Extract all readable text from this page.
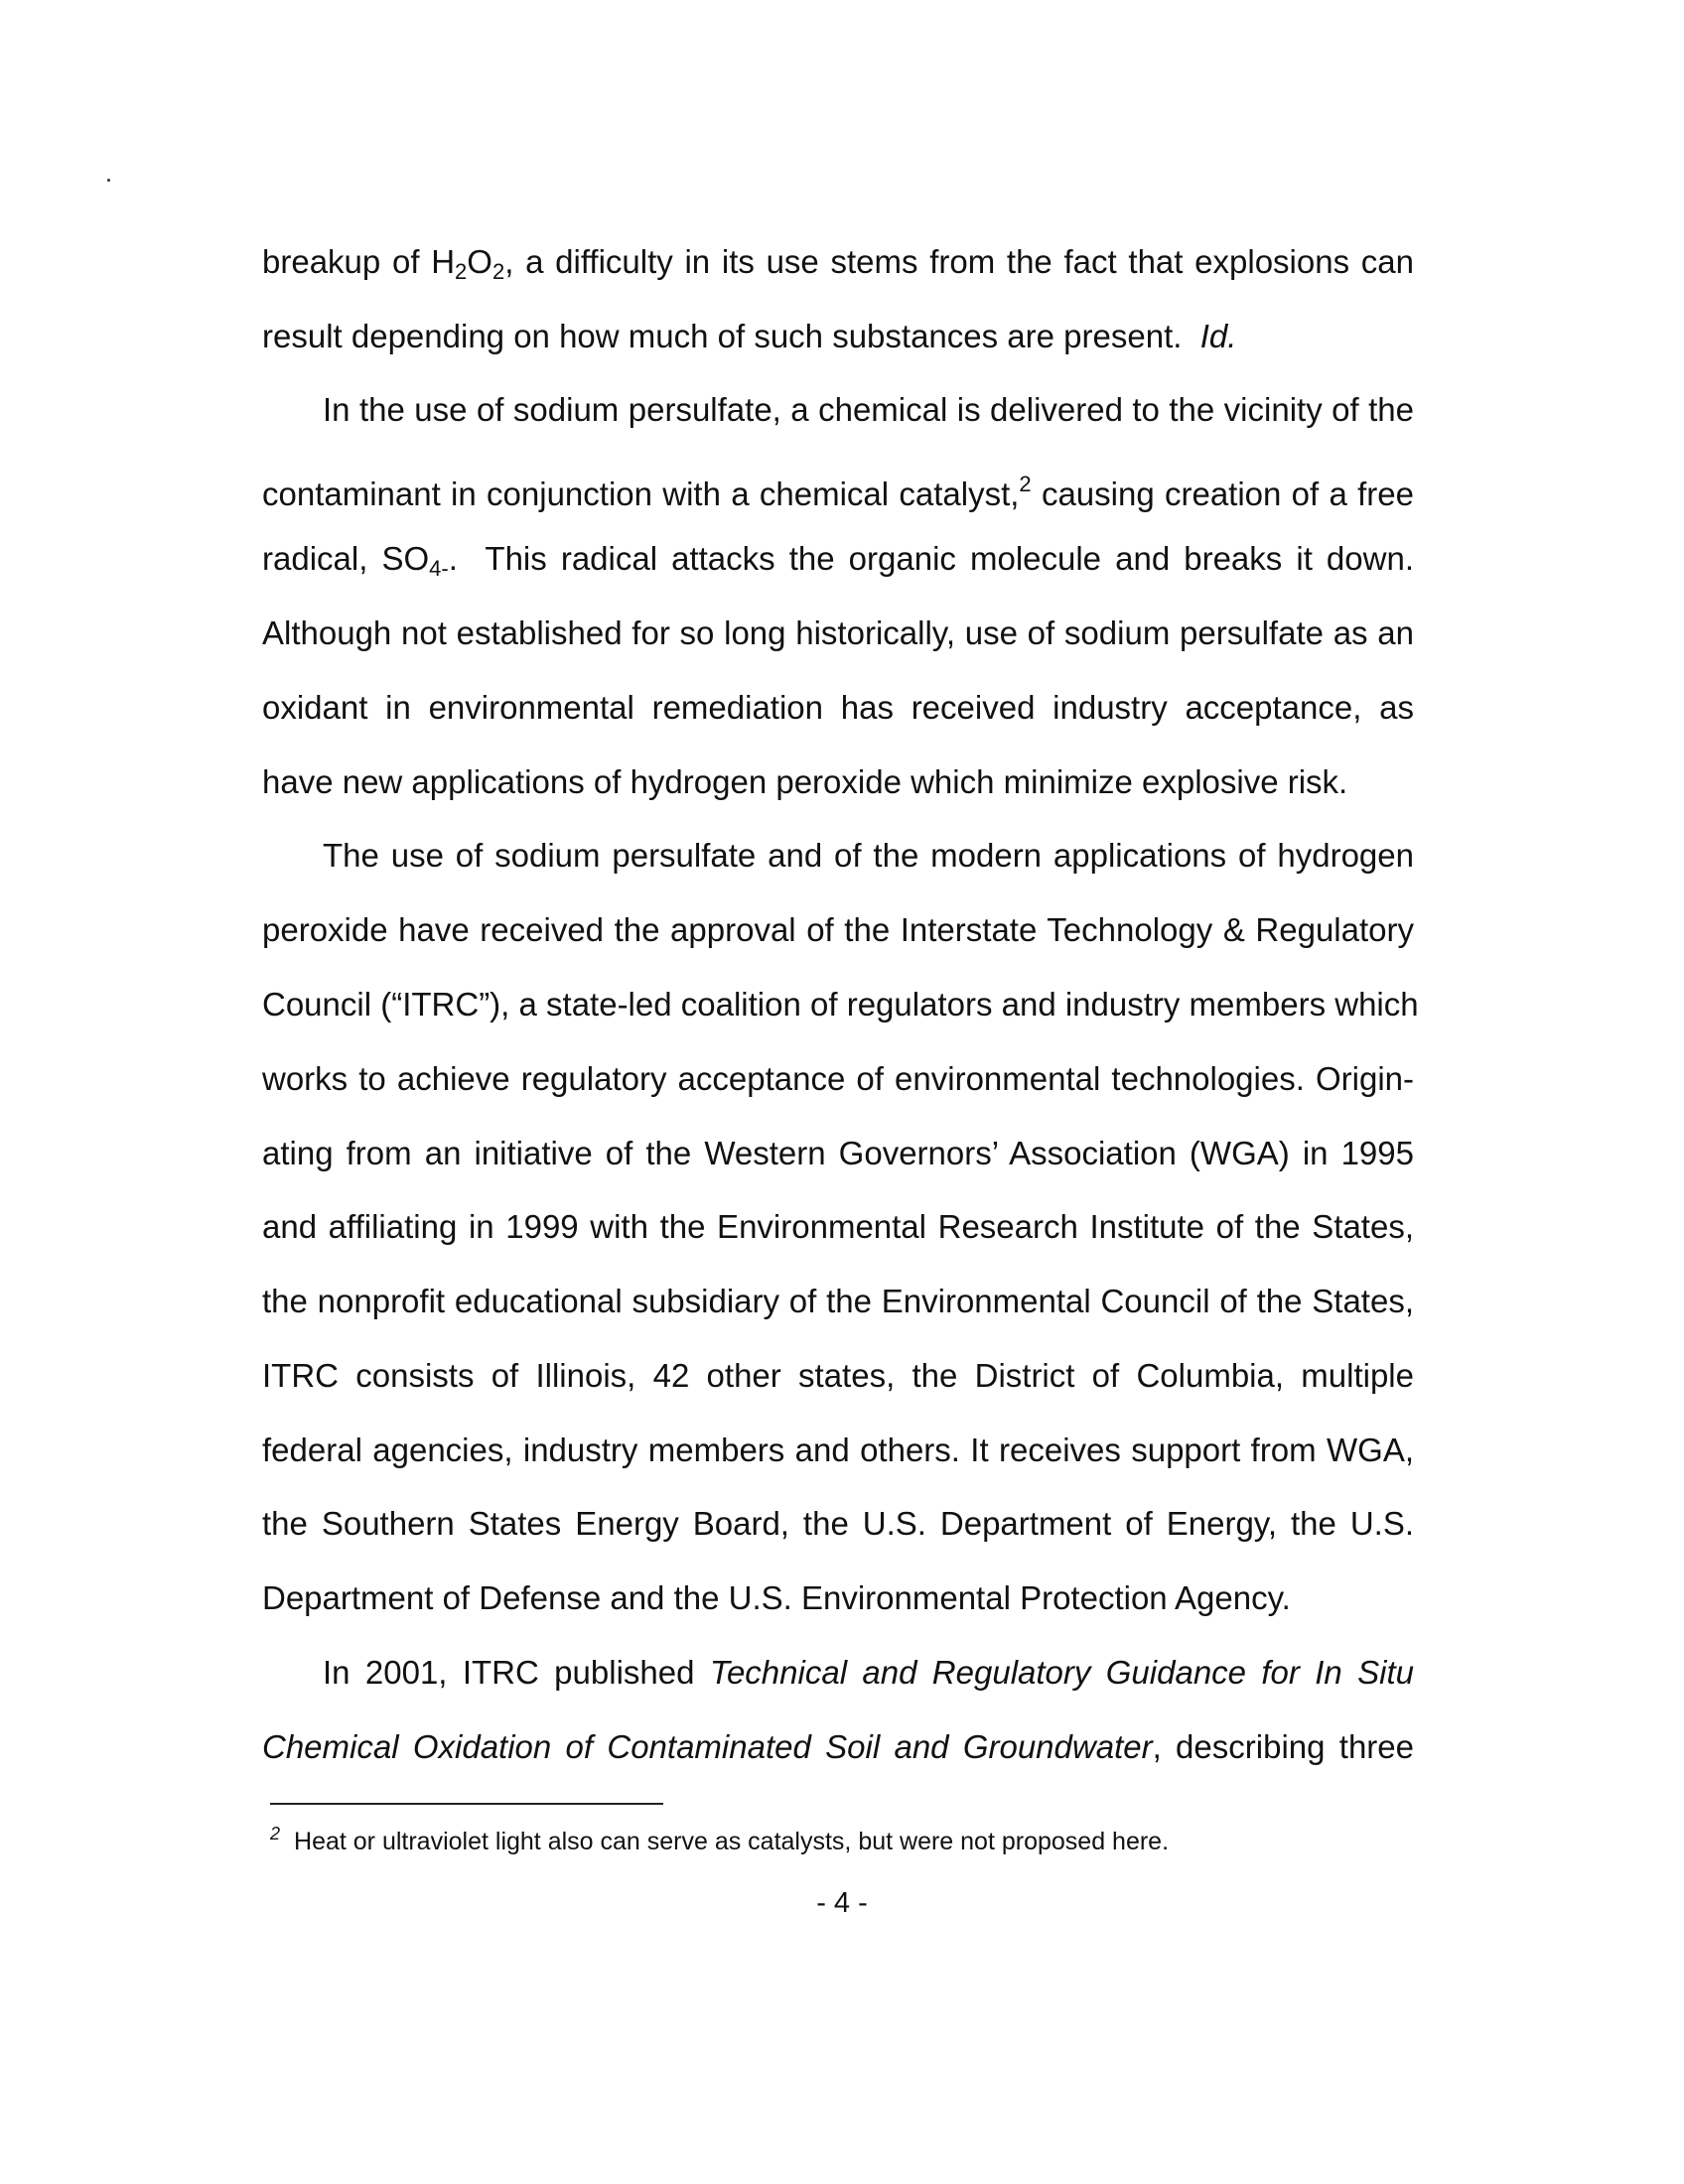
breakup of $H_2O_2$, a difficulty in its use stems from the fact that explosions can
result depending on how much of such substances are present.  Id.
In the use of sodium persulfate, a chemical is delivered to the vicinity of the
contaminant in conjunction with a chemical catalyst,$^2$ causing creation of a free
radical, $SO_{4-}$.  This radical attacks the organic molecule and breaks it down.
Although not established for so long historically, use of sodium persulfate as an
oxidant in environmental remediation has received industry acceptance, as
have new applications of hydrogen peroxide which minimize explosive risk.
The use of sodium persulfate and of the modern applications of hydrogen
peroxide have received the approval of the Interstate Technology & Regulatory
Council (“ITRC”), a state-led coalition of regulators and industry members which
works to achieve regulatory acceptance of environmental technologies. Origin-
ating from an initiative of the Western Governors’ Association (WGA) in 1995
and affiliating in 1999 with the Environmental Research Institute of the States,
the nonprofit educational subsidiary of the Environmental Council of the States,
ITRC consists of Illinois, 42 other states, the District of Columbia, multiple
federal agencies, industry members and others. It receives support from WGA,
the Southern States Energy Board, the U.S. Department of Energy, the U.S.
Department of Defense and the U.S. Environmental Protection Agency.
In 2001, ITRC published Technical and Regulatory Guidance for In Situ
Chemical Oxidation of Contaminated Soil and Groundwater, describing three
$^2$ Heat or ultraviolet light also can serve as catalysts, but were not proposed here.
- 4 -
